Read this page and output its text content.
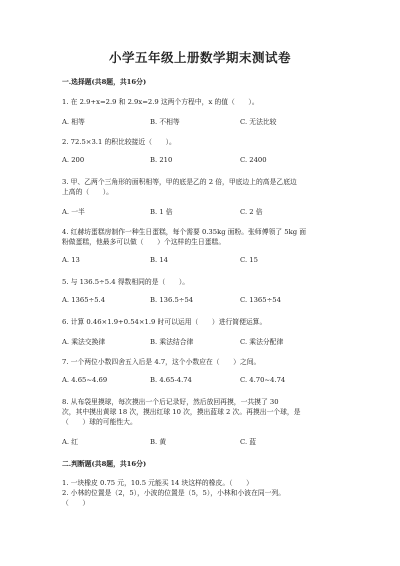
小学五年级上册数学期末测试卷
一.选择题(共8题，共16分)
1. 在 2.9+x=2.9 和 2.9x=2.9 这两个方程中，x 的值（　　）。
A. 相等	B. 不相等	C. 无法比较
2. 72.5×3.1 的积比较接近（　　）。
A. 200	B. 210	C. 2400
3. 甲、乙两个三角形的面积相等，甲的底是乙的 2 倍，甲底边上的高是乙底边
上高的（　　）。
A. 一半	B. 1 倍	C. 2 倍
4. 红赫坊蛋糕房制作一种生日蛋糕，每个需要 0.35kg 面粉。张师傅领了 5kg 面
粉做蛋糕，他最多可以做（　　）个这样的生日蛋糕。
A. 13	B. 14	C. 15
5. 与 136.5÷5.4 得数相同的是（　　）。
A. 1365÷5.4	B. 136.5÷54	C. 1365÷54
6. 计算 0.46×1.9+0.54×1.9 时可以运用（　　）进行简便运算。
A. 乘法交换律	B. 乘法结合律	C. 乘法分配律
7. 一个两位小数四舍五入后是 4.7，这个小数应在（　　）之间。
A. 4.65~4.69	B. 4.65-4.74	C. 4.70~4.74
8. 从布袋里摸球，每次摸出一个后记录好，然后放回再摸，一共摸了 30
次，其中摸出黄球 18 次，摸出红球 10 次，摸出蓝球 2 次。再摸出一个球，是
（　　）球的可能性大。
A. 红	B. 黄	C. 蓝
二.判断题(共8题，共16分)
1. 一块橡皮 0.75 元，10.5 元能买 14 块这样的橡皮。（　　）
2. 小林的位置是（2，5），小波的位置是（5，5），小林和小波在同一列。
（　　）
